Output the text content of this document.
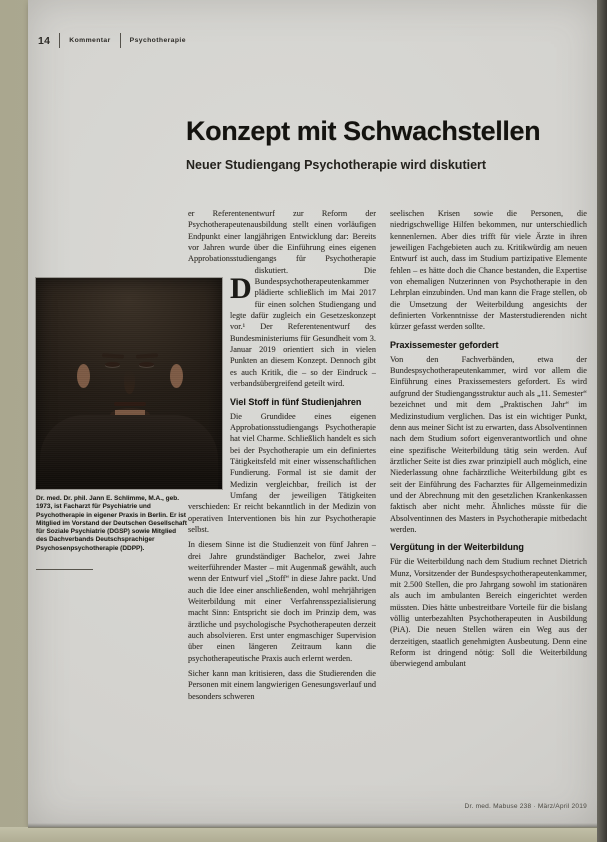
14	Kommentar	Psychotherapie
Konzept mit Schwachstellen
Neuer Studiengang Psychotherapie wird diskutiert
Dr. med. Dr. phil. Jann E. Schlimme, M.A., geb. 1973, ist Facharzt für Psychiatrie und Psychotherapie in eigener Praxis in Berlin. Er ist Mitglied im Vorstand der Deutschen Gesellschaft für Soziale Psychiatrie (DGSP) sowie Mitglied des Dachverbands Deutschsprachiger Psychosenpsychotherapie (DDPP).

D
er Referentenentwurf zur Reform der Psychotherapeutenausbildung stellt einen vorläufigen Endpunkt einer langjährigen Entwicklung dar: Bereits vor Jahren wurde über die Einführung eines eigenen Approbationsstudiengangs für Psychotherapie diskutiert. Die Bundespsychotherapeutenkammer plädierte schließlich im Mai 2017 für einen solchen Studiengang und legte dafür zugleich ein Gesetzeskonzept vor.¹ Der Referentenentwurf des Bundesministeriums für Gesundheit vom 3. Januar 2019 orientiert sich in vielen Punkten an diesem Konzept. Dennoch gibt es auch Kritik, die – so der Eindruck – verbandsübergreifend geteilt wird.

Viel Stoff in fünf Studienjahren

Die Grundidee eines eigenen Approbationsstudiengangs Psychotherapie hat viel Charme. Schließlich handelt es sich bei der Psychotherapie um ein definiertes Tätigkeitsfeld mit einer wissenschaftlichen Fundierung. Formal ist sie damit der Medizin vergleichbar, freilich ist der Umfang der jeweiligen Tätigkeiten verschieden: Er reicht bekanntlich in der Medizin von operativen Interventionen bis hin zur Psychotherapie selbst.

In diesem Sinne ist die Studienzeit von fünf Jahren – drei Jahre grundständiger Bachelor, zwei Jahre weiterführender Master – mit Augenmaß gewählt, auch wenn der Entwurf viel „Stoff“ in diese Jahre packt. Und auch die Idee einer anschließenden, wohl mehrjährigen Weiterbildung mit einer Verfahrensspezialisierung macht Sinn: Entspricht sie doch im Prinzip dem, was ärztliche und psychologische Psychotherapeuten derzeit auch absolvieren. Erst unter engmaschiger Supervision über einen längeren Zeitraum kann die psychotherapeutische Praxis auch erlernt werden.

Sicher kann man kritisieren, dass die Studierenden die Personen mit einem langwierigen Genesungsverlauf und besonders schweren

seelischen Krisen sowie die Personen, die niedrigschwellige Hilfen bekommen, nur unterschiedlich kennenlernen. Aber dies trifft für viele Ärzte in ihren jeweiligen Fachgebieten auch zu. Kritikwürdig am neuen Entwurf ist auch, dass im Studium partizipative Elemente fehlen – es hätte doch die Chance bestanden, die Expertise von ehemaligen Nutzerinnen von Psychotherapie in den Lehrplan einzubinden. Und man kann die Frage stellen, ob die Umsetzung der Weiterbildung angesichts der definierten Vorkenntnisse der Masterstudierenden nicht kürzer gefasst werden sollte.

Praxissemester gefordert

Von den Fachverbänden, etwa der Bundespsychotherapeutenkammer, wird vor allem die Einführung eines Praxissemesters gefordert. Es wird aufgrund der Studiengangsstruktur auch als „11. Semester“ bezeichnet und mit dem „Praktischen Jahr“ im Medizinstudium verglichen. Das ist ein wichtiger Punkt, denn aus meiner Sicht ist zu erwarten, dass Absolventinnen nach dem Studium sofort eigenverantwortlich und ohne eine spezifische Weiterbildung tätig sein werden. Auf ärztlicher Seite ist dies zwar prinzipiell auch möglich, eine Niederlassung ohne fachärztliche Weiterbildung gibt es seit der Einführung des Facharztes für Allgemeinmedizin und der Abrechnung mit den gesetzlichen Krankenkassen faktisch aber nicht mehr. Ähnliches müsste für die Absolventinnen des Masters in Psychotherapie mitbedacht werden.

Vergütung in der Weiterbildung

Für die Weiterbildung nach dem Studium rechnet Dietrich Munz, Vorsitzender der Bundespsychotherapeutenkammer, mit 2.500 Stellen, die pro Jahrgang sowohl im stationären als auch im ambulanten Bereich eingerichtet werden müssten. Dies hätte unbestreitbare Vorteile für die bislang völlig unterbezahlten Psychotherapeuten in Ausbildung (PiA). Die neuen Stellen wären ein Weg aus der derzeitigen, staatlich genehmigten Ausbeutung. Denn eine Reform ist dringend nötig: Soll die Weiterbildung überwiegend ambulant

Dr. med. Mabuse 238 · März/April 2019
